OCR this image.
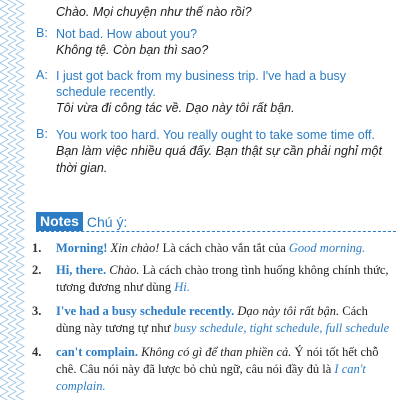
Chào. Mọi chuyện như thế nào rồi?
B: Not bad. How about you?
Không tệ. Còn bạn thì sao?
A: I just got back from my business trip. I've had a busy schedule recently.
Tôi vừa đi công tác về. Dạo này tôi rất bận.
B: You work too hard. You really ought to take some time off.
Bạn làm việc nhiều quá đấy. Bạn thật sự cần phải nghỉ một thời gian.
Notes Chú ý:
1. Morning! Xin chào! Là cách chào vắn tắt của Good morning.
2. Hi, there. Chào. Là cách chào trong tình huống không chính thức, tương đương như dùng Hi.
3. I've had a busy schedule recently. Dạo này tôi rất bận. Cách dùng này tương tự như busy schedule, tight schedule, full schedule
4. can't complain. Không có gì để than phiền cả. Ý nói tốt hết chỗ chê. Câu nói này đã lược bỏ chủ ngữ, câu nói đầy đủ là I can't complain.
